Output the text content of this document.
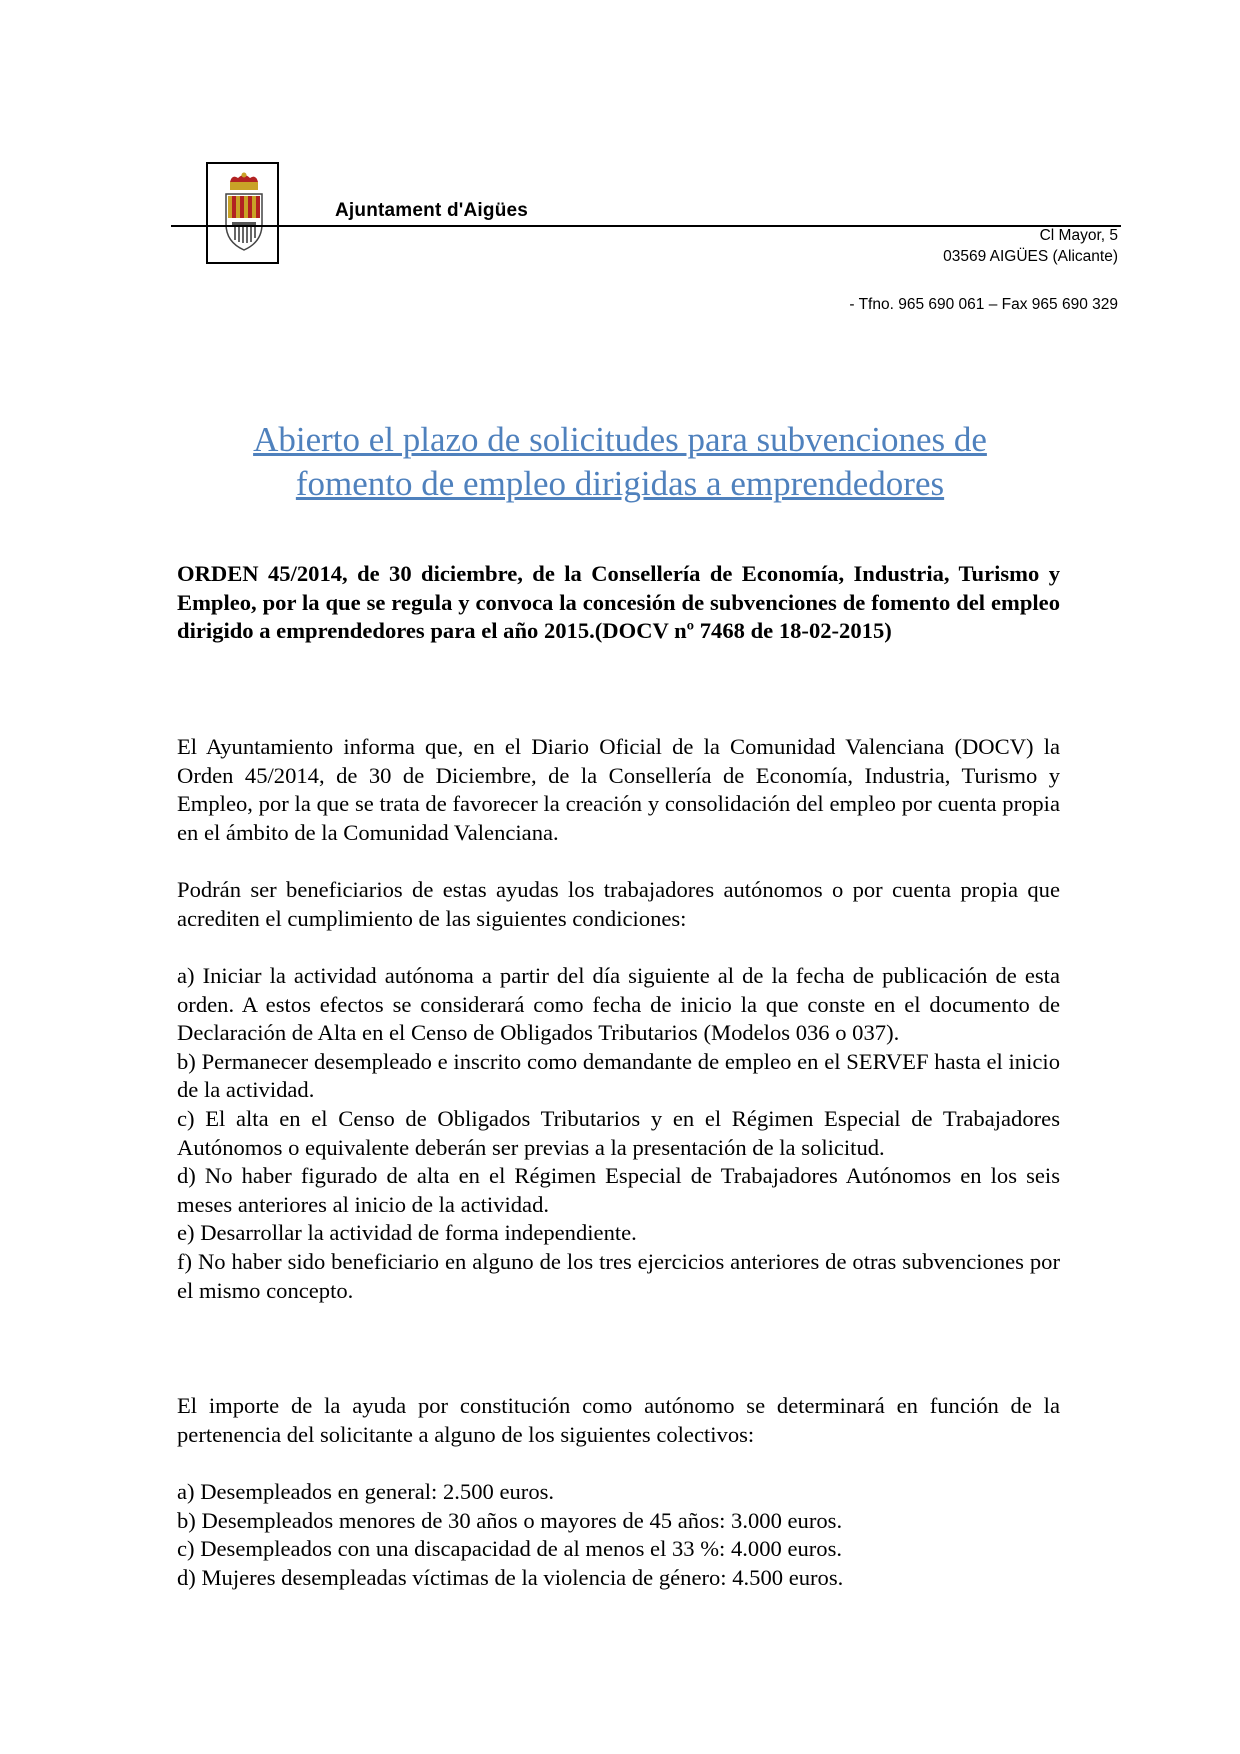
Ajuntament d'Aigües
Cl Mayor, 5
03569 AIGÜES (Alicante)
- Tfno. 965 690 061 – Fax 965 690 329
Abierto el plazo de solicitudes para subvenciones de
fomento de empleo dirigidas a emprendedores

ORDEN 45/2014, de 30 diciembre, de la Consellería de Economía, Industria, Turismo y Empleo, por la que se regula y convoca la concesión de subvenciones de fomento del empleo dirigido a emprendedores para el año 2015.(DOCV nº 7468 de 18-02-2015)

El Ayuntamiento informa que, en el Diario Oficial de la Comunidad Valenciana (DOCV) la Orden 45/2014, de 30 de Diciembre, de la Consellería de Economía, Industria, Turismo y Empleo, por la que se trata de favorecer la creación y consolidación del empleo por cuenta propia en el ámbito de la Comunidad Valenciana.

Podrán ser beneficiarios de estas ayudas los trabajadores autónomos o por cuenta propia que acrediten el cumplimiento de las siguientes condiciones:

a) Iniciar la actividad autónoma a partir del día siguiente al de la fecha de publicación de esta orden. A estos efectos se considerará como fecha de inicio la que conste en el documento de Declaración de Alta en el Censo de Obligados Tributarios (Modelos 036 o 037).

b) Permanecer desempleado e inscrito como demandante de empleo en el SERVEF hasta el inicio de la actividad.

c) El alta en el Censo de Obligados Tributarios y en el Régimen Especial de Trabajadores Autónomos o equivalente deberán ser previas a la presentación de la solicitud.

d) No haber figurado de alta en el Régimen Especial de Trabajadores Autónomos en los seis meses anteriores al inicio de la actividad.

e) Desarrollar la actividad de forma independiente.

f) No haber sido beneficiario en alguno de los tres ejercicios anteriores de otras subvenciones por el mismo concepto.

El importe de la ayuda por constitución como autónomo se determinará en función de la pertenencia del solicitante a alguno de los siguientes colectivos:

a) Desempleados en general: 2.500 euros.

b) Desempleados menores de 30 años o mayores de 45 años: 3.000 euros.

c) Desempleados con una discapacidad de al menos el 33 %: 4.000 euros.

d) Mujeres desempleadas víctimas de la violencia de género: 4.500 euros.
